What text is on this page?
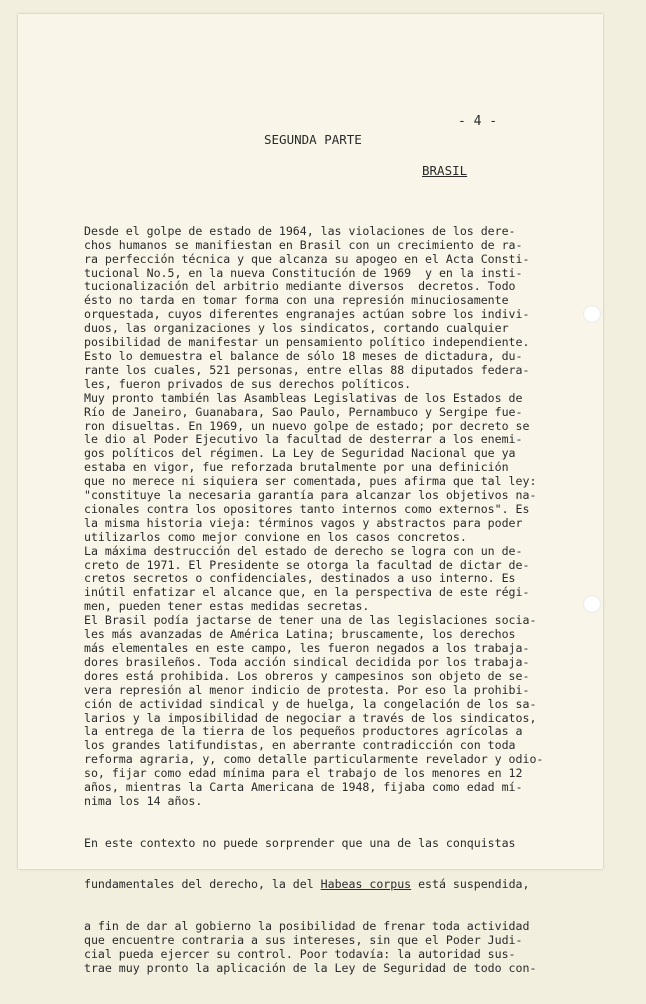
- 4 -
SEGUNDA PARTE
BRASIL

Desde el golpe de estado de 1964, las violaciones de los dere-
chos humanos se manifiestan en Brasil con un crecimiento de ra-
ra perfección técnica y que alcanza su apogeo en el Acta Consti-
tucional No.5, en la nueva Constitución de 1969  y en la insti-
tucionalización del arbitrio mediante diversos  decretos. Todo
ésto no tarda en tomar forma con una represión minuciosamente
orquestada, cuyos diferentes engranajes actúan sobre los indivi-
duos, las organizaciones y los sindicatos, cortando cualquier
posibilidad de manifestar un pensamiento político independiente.
Esto lo demuestra el balance de sólo 18 meses de dictadura, du-
rante los cuales, 521 personas, entre ellas 88 diputados federa-
les, fueron privados de sus derechos políticos.
Muy pronto también las Asambleas Legislativas de los Estados de
Río de Janeiro, Guanabara, Sao Paulo, Pernambuco y Sergipe fue-
ron disueltas. En 1969, un nuevo golpe de estado; por decreto se
le dio al Poder Ejecutivo la facultad de desterrar a los enemi-
gos políticos del régimen. La Ley de Seguridad Nacional que ya
estaba en vigor, fue reforzada brutalmente por una definición
que no merece ni siquiera ser comentada, pues afirma que tal ley:
"constituye la necesaria garantía para alcanzar los objetivos na-
cionales contra los opositores tanto internos como externos". Es
la misma historia vieja: términos vagos y abstractos para poder
utilizarlos como mejor convione en los casos concretos.
La máxima destrucción del estado de derecho se logra con un de-
creto de 1971. El Presidente se otorga la facultad de dictar de-
cretos secretos o confidenciales, destinados a uso interno. Es
inútil enfatizar el alcance que, en la perspectiva de este régi-
men, pueden tener estas medidas secretas.
El Brasil podía jactarse de tener una de las legislaciones socia-
les más avanzadas de América Latina; bruscamente, los derechos
más elementales en este campo, les fueron negados a los trabaja-
dores brasileños. Toda acción sindical decidida por los trabaja-
dores está prohibida. Los obreros y campesinos son objeto de se-
vera represión al menor indicio de protesta. Por eso la prohibi-
ción de actividad sindical y de huelga, la congelación de los sa-
larios y la imposibilidad de negociar a través de los sindicatos,
la entrega de la tierra de los pequeños productores agrícolas a
los grandes latifundistas, en aberrante contradicción con toda
reforma agraria, y, como detalle particularmente revelador y odio-
so, fijar como edad mínima para el trabajo de los menores en 12
años, mientras la Carta Americana de 1948, fijaba como edad mí-
nima los 14 años.

En este contexto no puede sorprender que una de las conquistas

fundamentales del derecho, la del Habeas corpus está suspendida,

a fin de dar al gobierno la posibilidad de frenar toda actividad
que encuentre contraria a sus intereses, sin que el Poder Judi-
cial pueda ejercer su control. Poor todavía: la autoridad sus-
trae muy pronto la aplicación de la Ley de Seguridad de todo con-
